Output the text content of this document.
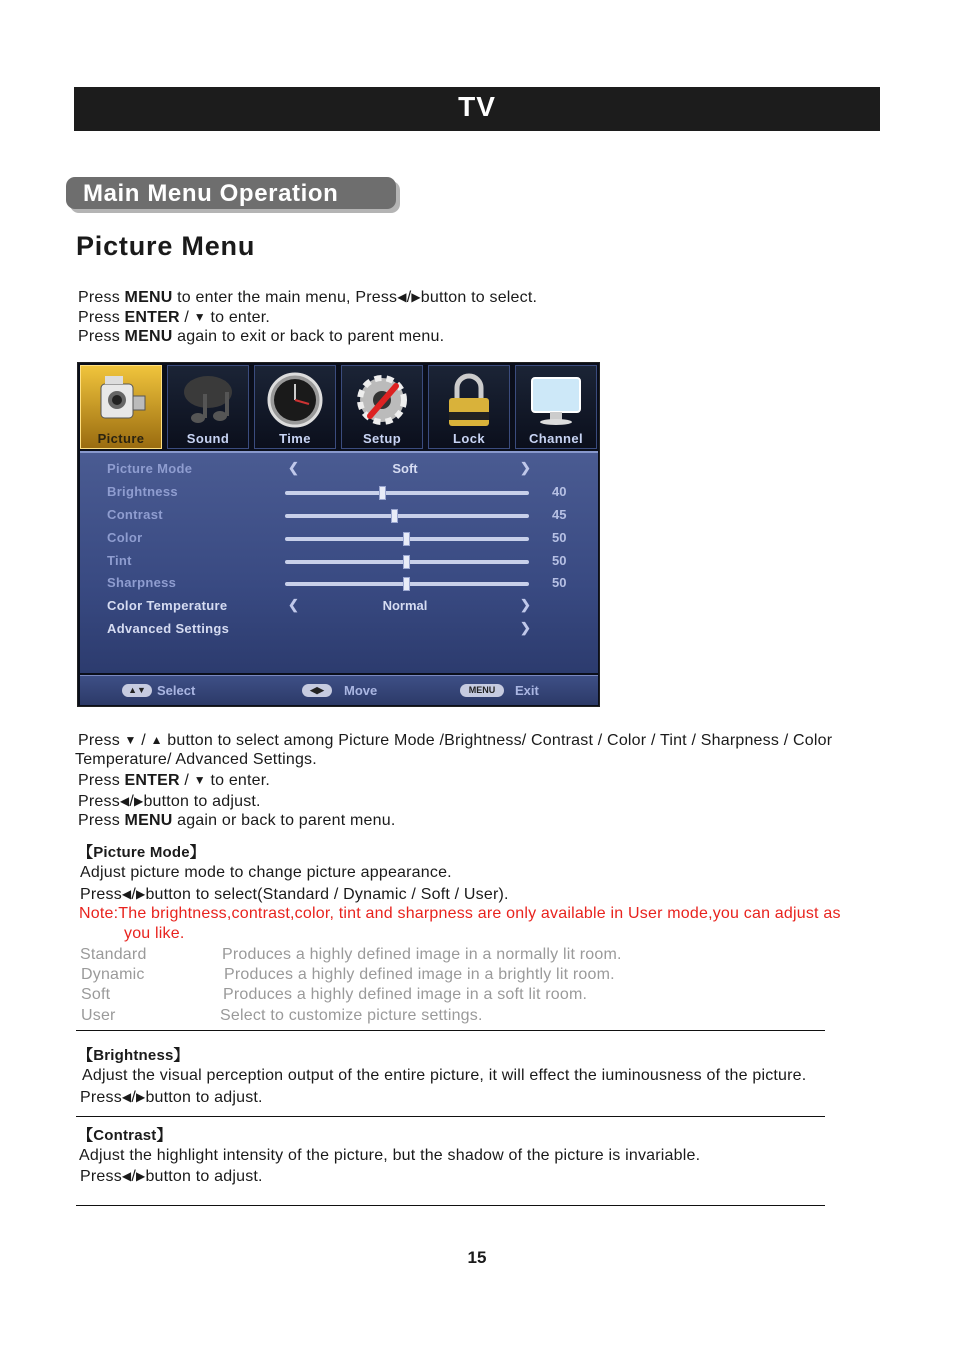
TV
Main Menu Operation
Picture Menu
Press MENU to enter the main menu, Press◀/▶button to select.
Press ENTER / ▼ to enter.
Press MENU again to exit or back to parent menu.
Picture	Sound	Time	Setup	Lock	Channel
Picture Mode	❮	Soft	❯
Brightness	40
Contrast	45
Color	50
Tint	50
Sharpness	50
Color Temperature	❮	Normal	❯
Advanced Settings	❯
▲▼ Select	◀▶	Move	MENU	Exit
Press ▼ / ▲ button to select among Picture Mode /Brightness/ Contrast / Color / Tint / Sharpness / Color
Temperature/ Advanced Settings.
Press ENTER / ▼ to enter.
Press◀/▶button to adjust.
Press MENU again or back to parent menu.
【Picture Mode】
Adjust picture mode to change picture appearance.
Press◀/▶button to select(Standard / Dynamic / Soft / User).
Note:The brightness,contrast,color, tint and sharpness are only available in User mode,you can adjust as
you like.
Standard	Produces a highly defined image in a normally lit room.
Dynamic	Produces a highly defined image in a brightly lit room.
Soft	Produces a highly defined image in a soft lit room.
User	Select to customize picture settings.
【Brightness】
Adjust the visual perception output of the entire picture, it will effect the iuminousness of the picture.
Press◀/▶button to adjust.
【Contrast】
Adjust the highlight intensity of the picture, but the shadow of the picture is invariable.
Press◀/▶button to adjust.
15
